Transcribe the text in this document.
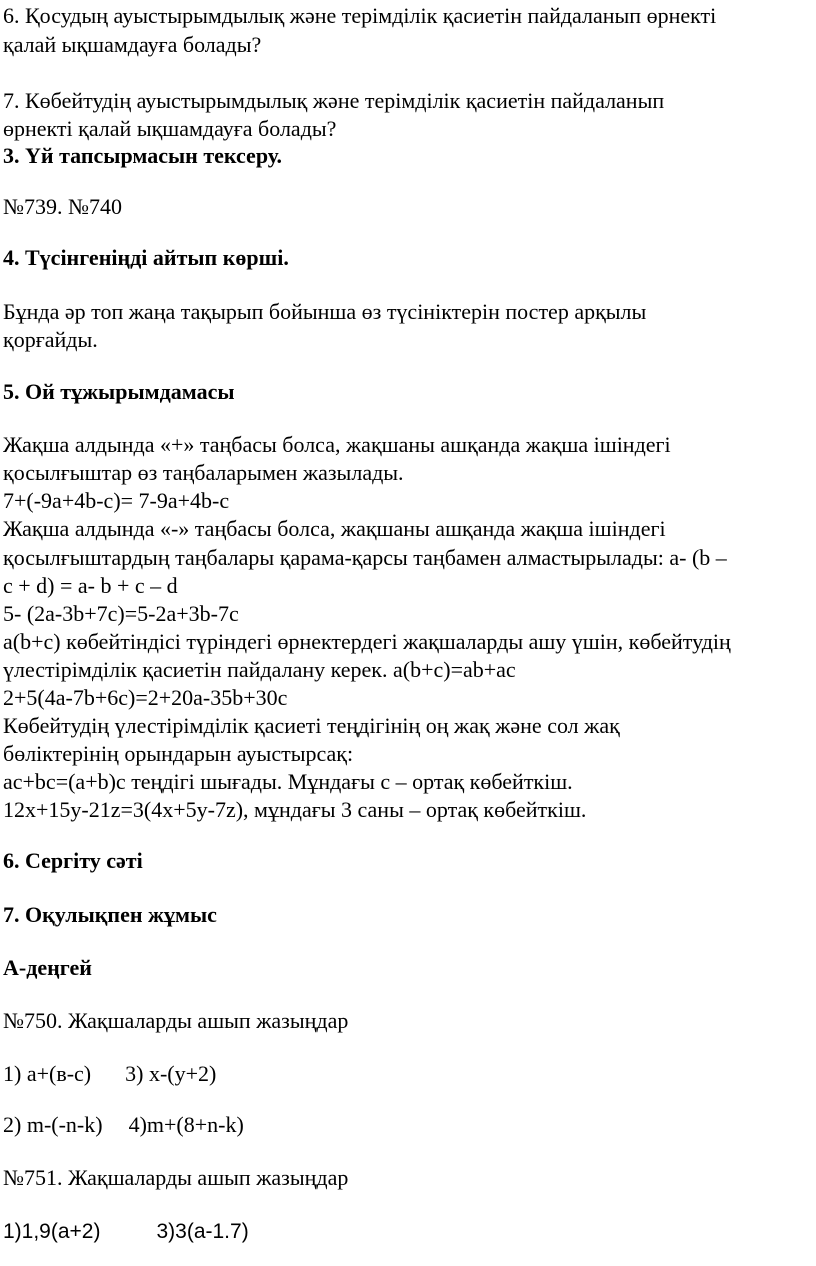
6. Қосудың ауыстырымдылық және терімділік қасиетін пайдаланып өрнекті
қалай ықшамдауға болады?
7. Көбейтудің ауыстырымдылық және терімділік қасиетін пайдаланып
өрнекті қалай ықшамдауға болады?
3. Үй тапсырмасын тексеру.
№739. №740
4. Түсінгеніңді айтып көрші.
Бұнда әр топ жаңа тақырып бойынша өз түсініктерін постер арқылы
қорғайды.
5. Ой тұжырымдамасы
Жақша алдында «+» таңбасы болса, жақшаны ашқанда жақша ішіндегі
қосылғыштар өз таңбаларымен жазылады.
7+(-9a+4b-c)= 7-9a+4b-c
Жақша алдында «-» таңбасы болса, жақшаны ашқанда жақша ішіндегі
қосылғыштардың таңбалары қарама-қарсы таңбамен алмастырылады: a- (b –
c + d) = a- b + c – d
5- (2a-3b+7c)=5-2a+3b-7c
a(b+c) көбейтіндісі түріндегі өрнектердегі жақшаларды ашу үшін, көбейтудің
үлестірімділік қасиетін пайдалану керек. a(b+c)=ab+ac
2+5(4a-7b+6c)=2+20a-35b+30c
Көбейтудің үлестірімділік қасиеті теңдігінің оң жақ және сол жақ
бөліктерінің орындарын ауыстырсақ:
ac+bc=(a+b)c теңдігі шығады. Мұндағы c – ортақ көбейткіш.
12x+15y-21z=3(4x+5y-7z), мұндағы 3 саны – ортақ көбейткіш.
6. Сергіту сәті
7. Оқулықпен жұмыс
А-деңгей
№750. Жақшаларды ашып жазыңдар
1) a+(в-c) 3) x-(y+2)
2) m-(-n-k) 4)m+(8+n-k)
№751. Жақшаларды ашып жазыңдар
1)1,9(a+2)	3)3(a-1.7)
